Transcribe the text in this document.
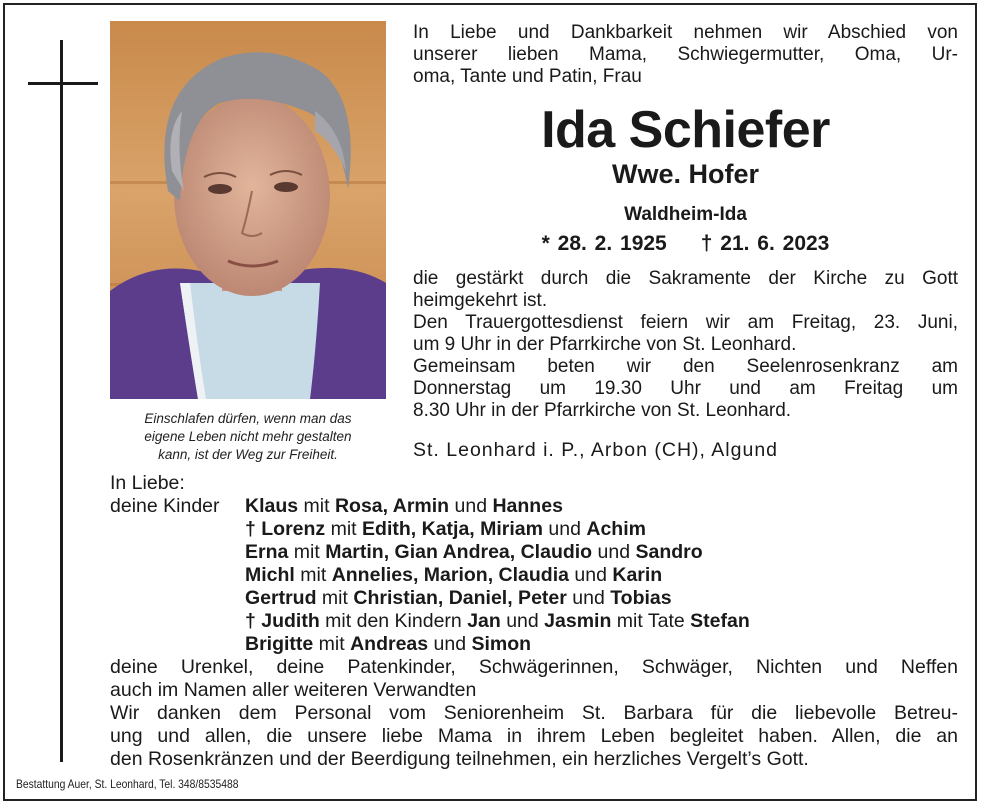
Einschlafen dürfen, wenn man das
eigene Leben nicht mehr gestalten
kann, ist der Weg zur Freiheit.
In Liebe und Dankbarkeit nehmen wir Abschied von
unserer lieben Mama, Schwiegermutter, Oma, Ur-
oma, Tante und Patin, Frau
Ida Schiefer
Wwe. Hofer
Waldheim-Ida
* 28. 2. 1925 † 21. 6. 2023
die gestärkt durch die Sakramente der Kirche zu Gott
heimgekehrt ist.
Den Trauergottesdienst feiern wir am Freitag, 23. Juni,
um 9 Uhr in der Pfarrkirche von St. Leonhard.
Gemeinsam beten wir den Seelenrosenkranz am
Donnerstag um 19.30 Uhr und am Freitag um
8.30 Uhr in der Pfarrkirche von St. Leonhard.
St. Leonhard i. P., Arbon (CH), Algund
In Liebe:
deine Kinder	Klaus mit Rosa, Armin und Hannes
† Lorenz mit Edith, Katja, Miriam und Achim
Erna mit Martin, Gian Andrea, Claudio und Sandro
Michl mit Annelies, Marion, Claudia und Karin
Gertrud mit Christian, Daniel, Peter und Tobias
† Judith mit den Kindern Jan und Jasmin mit Tate Stefan
Brigitte mit Andreas und Simon
deine Urenkel, deine Patenkinder, Schwägerinnen, Schwäger, Nichten und Neffen
auch im Namen aller weiteren Verwandten
Wir danken dem Personal vom Seniorenheim St. Barbara für die liebevolle Betreu-
ung und allen, die unsere liebe Mama in ihrem Leben begleitet haben. Allen, die an
den Rosenkränzen und der Beerdigung teilnehmen, ein herzliches Vergelt’s Gott.
Bestattung Auer, St. Leonhard, Tel. 348/8535488
